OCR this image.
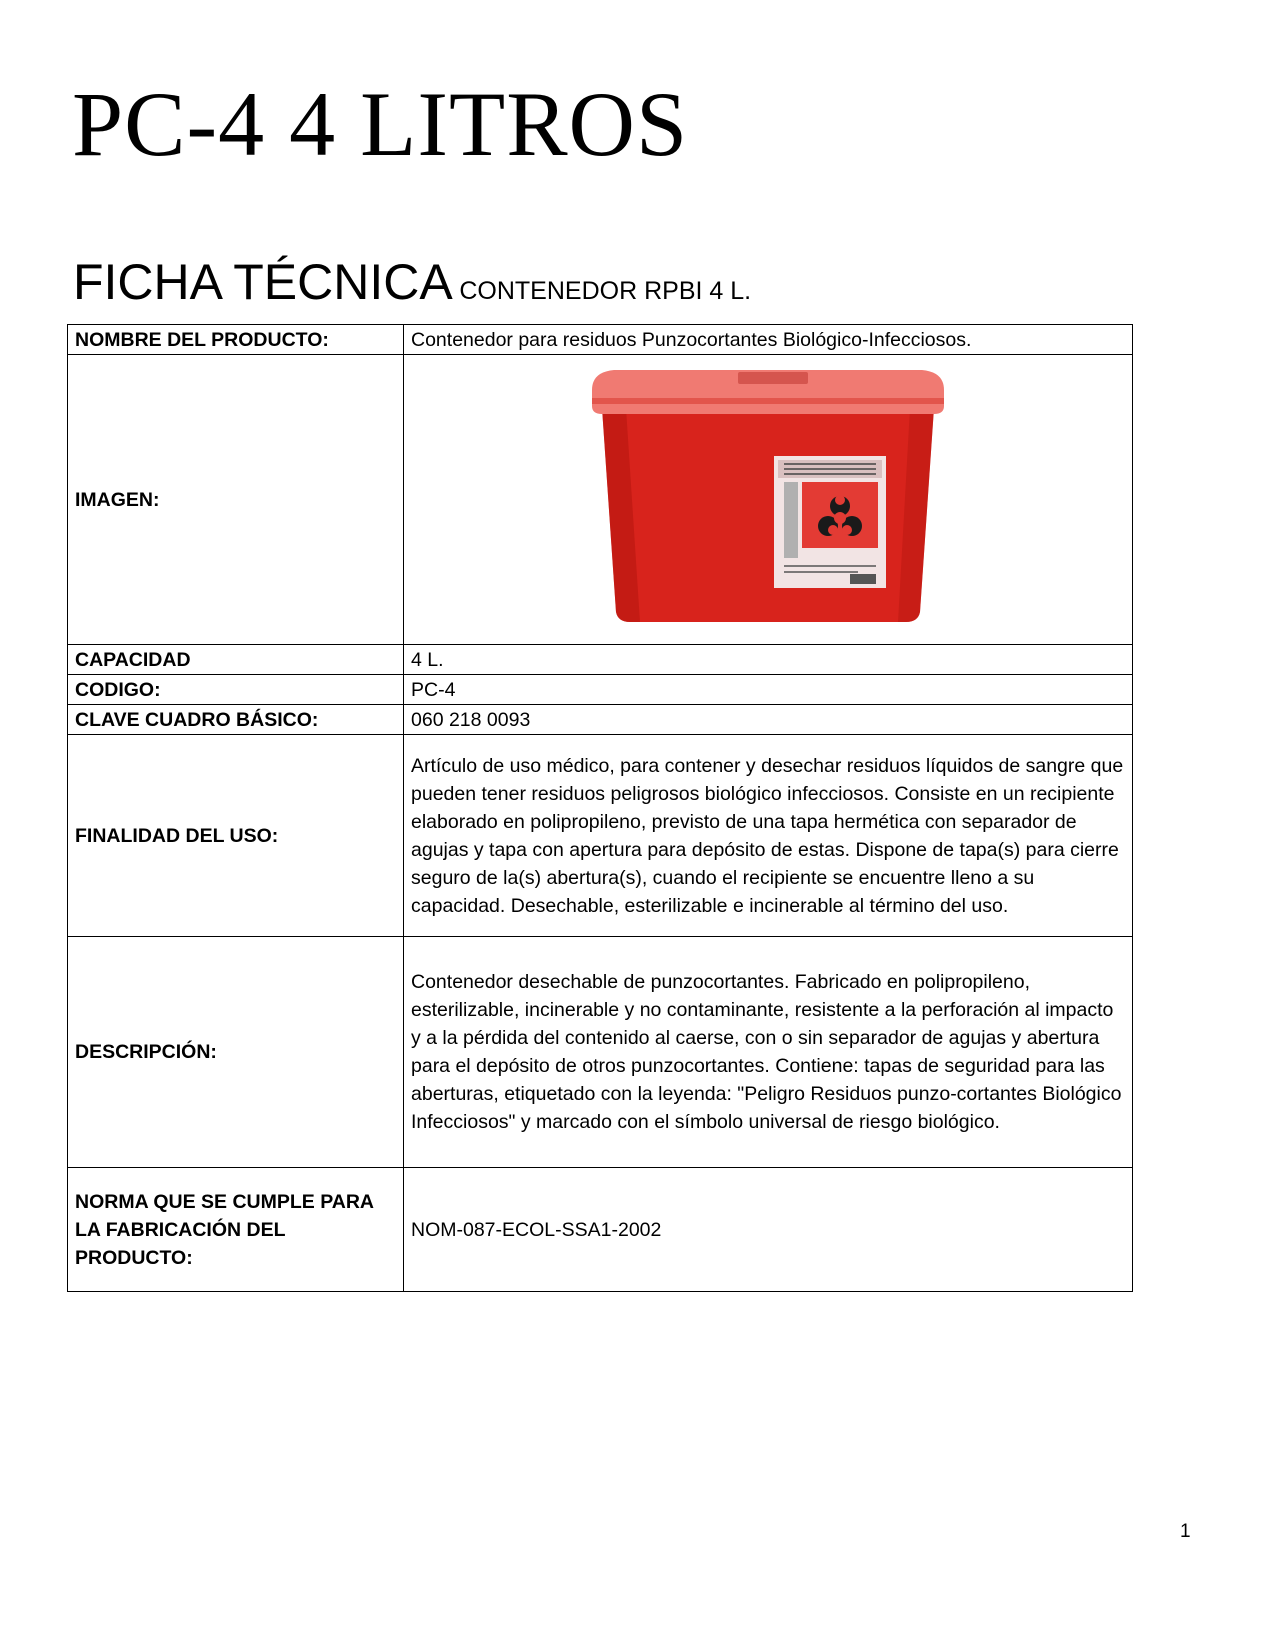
PC-4 4 LITROS
FICHA TÉCNICA CONTENEDOR RPBI 4 L.
NOMBRE DEL PRODUCTO:	Contenedor para residuos Punzocortantes Biológico-Infecciosos.
IMAGEN:	
CAPACIDAD	4 L.
CODIGO:	PC-4
CLAVE CUADRO BÁSICO:	060 218 0093
FINALIDAD DEL USO:	Artículo de uso médico, para contener y desechar residuos líquidos de sangre que pueden tener residuos peligrosos biológico infecciosos. Consiste en un recipiente elaborado en polipropileno, previsto de una tapa hermética con separador de agujas y tapa con apertura para depósito de estas. Dispone de tapa(s) para cierre seguro de la(s) abertura(s), cuando el recipiente se encuentre lleno a su capacidad. Desechable, esterilizable e incinerable al término del uso.
DESCRIPCIÓN:	Contenedor desechable de punzocortantes. Fabricado en polipropileno, esterilizable, incinerable y no contaminante, resistente a la perforación al impacto y a la pérdida del contenido al caerse, con o sin separador de agujas y abertura para el depósito de otros punzocortantes. Contiene: tapas de seguridad para las aberturas, etiquetado con la leyenda: "Peligro Residuos punzo-cortantes Biológico Infecciosos" y marcado con el símbolo universal de riesgo biológico.
NORMA QUE SE CUMPLE PARA LA FABRICACIÓN DEL PRODUCTO:	NOM-087-ECOL-SSA1-2002
1
